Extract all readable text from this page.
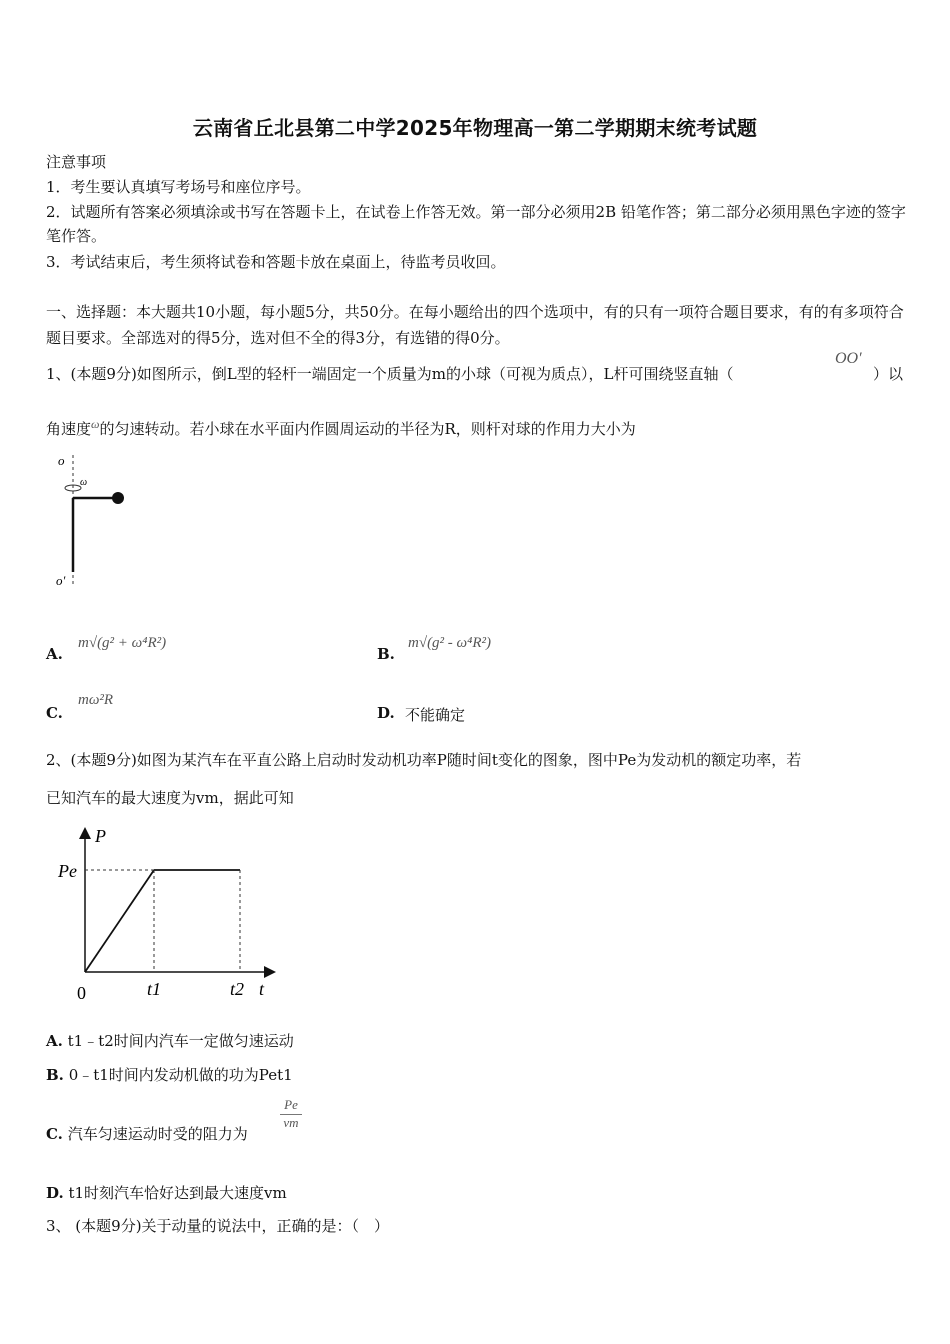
云南省丘北县第二中学2025年物理高一第二学期期末统考试题
注意事项
1．考生要认真填写考场号和座位序号。
2．试题所有答案必须填涂或书写在答题卡上，在试卷上作答无效。第一部分必须用2B 铅笔作答；第二部分必须用黑色字迹的签字笔作答。
3．考试结束后，考生须将试卷和答题卡放在桌面上，待监考员收回。
一、选择题：本大题共10小题，每小题5分，共50分。在每小题给出的四个选项中，有的只有一项符合题目要求，有的有多项符合题目要求。全部选对的得5分，选对但不全的得3分，有选错的得0分。
1、(本题9分)如图所示，倒L型的轻杆一端固定一个质量为m的小球（可视为质点），L杆可围绕竖直轴（
OO′
）以
角速度$^\omega$的匀速转动。若小球在水平面内作圆周运动的半径为R，则杆对球的作用力大小为
o
ω
o′
A.
m√(g² + ω⁴R²)
B.
m√(g² - ω⁴R²)
C.
mω²R
D. 不能确定
2、(本题9分)如图为某汽车在平直公路上启动时发动机功率P随时间t变化的图象，图中Pe为发动机的额定功率，若
已知汽车的最大速度为vm，据此可知
P
t
0
Pe
t1	t2
A. t1﹣t2时间内汽车一定做匀速运动
B. 0﹣t1时间内发动机做的功为Pet1
C. 汽车匀速运动时受的阻力为
$\frac{Pe}{vm}$
D. t1时刻汽车恰好达到最大速度vm
3、 (本题9分)关于动量的说法中，正确的是：（　）
